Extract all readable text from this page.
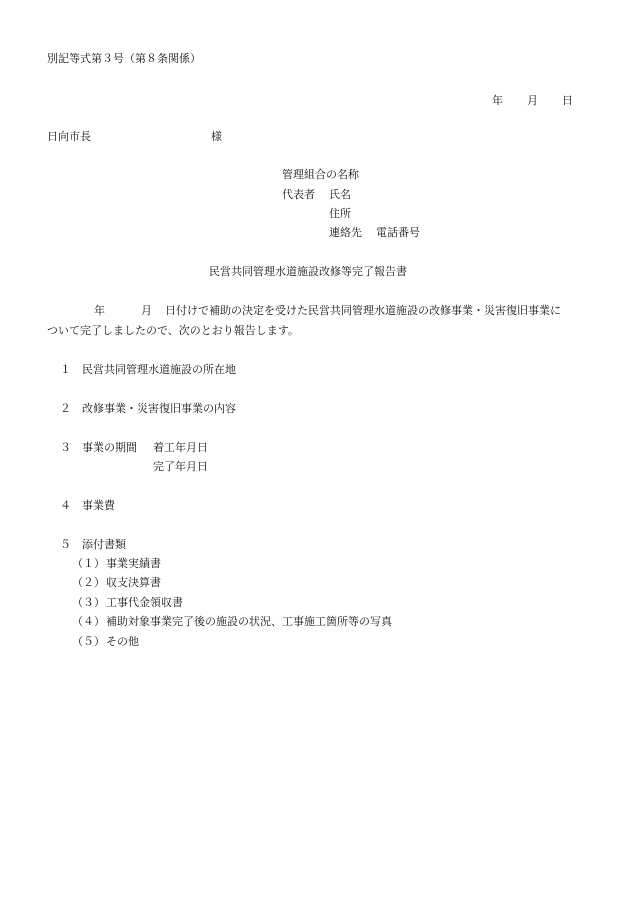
別記等式第３号（第８条関係）
年 月 日
日向市長	様
管理組合の名称
代表者 氏名
住所
連絡先 電話番号
民営共同管理水道施設改修等完了報告書
年	月 日付けで補助の決定を受けた民営共同管理水道施設の改修事業・災害復旧事業に
ついて完了しましたので、次のとおり報告します。
１ 民営共同管理水道施設の所在地
２ 改修事業・災害復旧事業の内容
３ 事業の期間 着工年月日
完了年月日
４ 事業費
５ 添付書類
（１）事業実績書
（２）収支決算書
（３）工事代金領収書
（４）補助対象事業完了後の施設の状況、工事施工箇所等の写真
（５）その他
